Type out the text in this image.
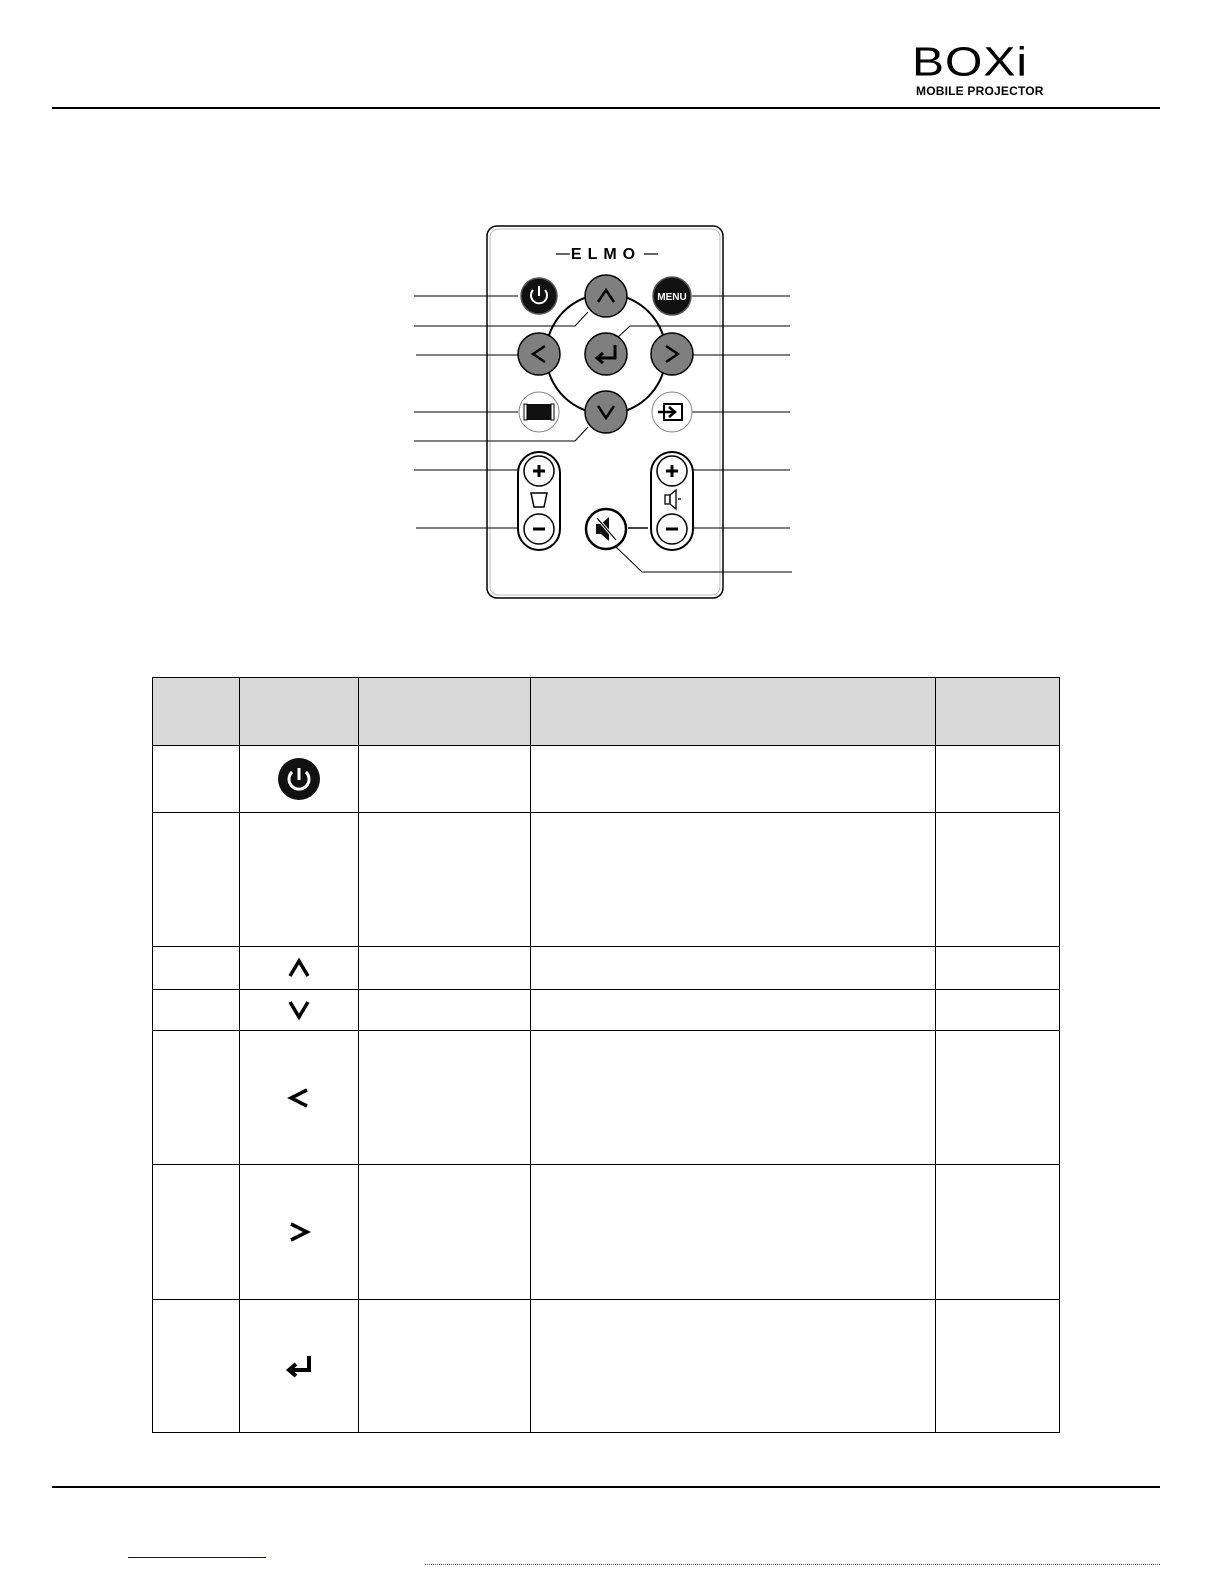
BOXi
MOBILE PROJECTOR
ELMO
MENU
